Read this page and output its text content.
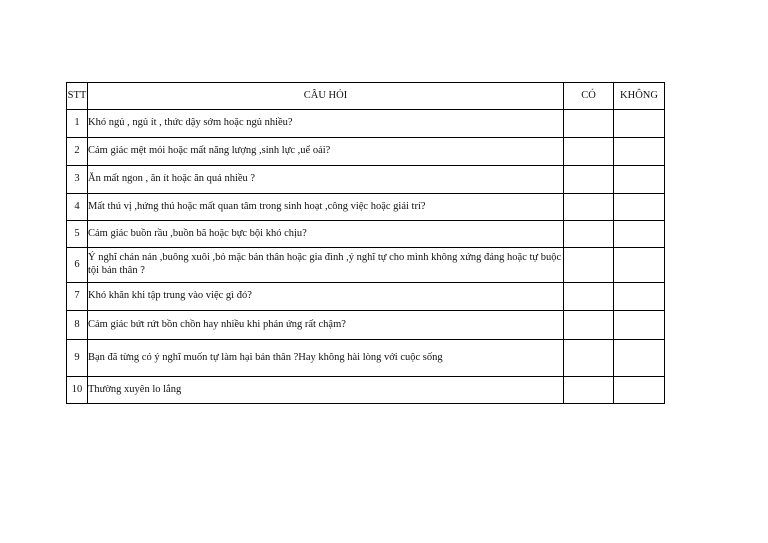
STT	CÂU HỎI	CÓ	KHÔNG
1	Khó ngủ , ngủ ít , thức dậy sớm hoặc ngủ nhiều?		
2	Cảm giác mệt mỏi hoặc mất năng lượng ,sinh lực ,uể oải?		
3	Ăn mất ngon , ăn ít hoặc ăn quá nhiều ?		
4	Mất thú vị ,hứng thú hoặc mất quan tâm trong sinh hoạt ,công việc hoặc giải trí?		
5	Cảm giác buồn rầu ,buồn bã hoặc bực bội khó chịu?		
6	Ý nghĩ chán nản ,buông xuôi ,bỏ mặc bản thân hoặc gia đình ,ý nghĩ tự cho mình không xứng đáng hoặc tự buộc tội bản thân ?		
7	Khó khăn khi tập trung vào việc gì đó?		
8	Cảm giác bứt rứt bồn chồn hay nhiều khi phản ứng rất chậm?		
9	Bạn đã từng có ý nghĩ muốn tự làm hại bản thân ?Hay không hài lòng với cuộc sống		
10	Thường xuyên lo lắng		
